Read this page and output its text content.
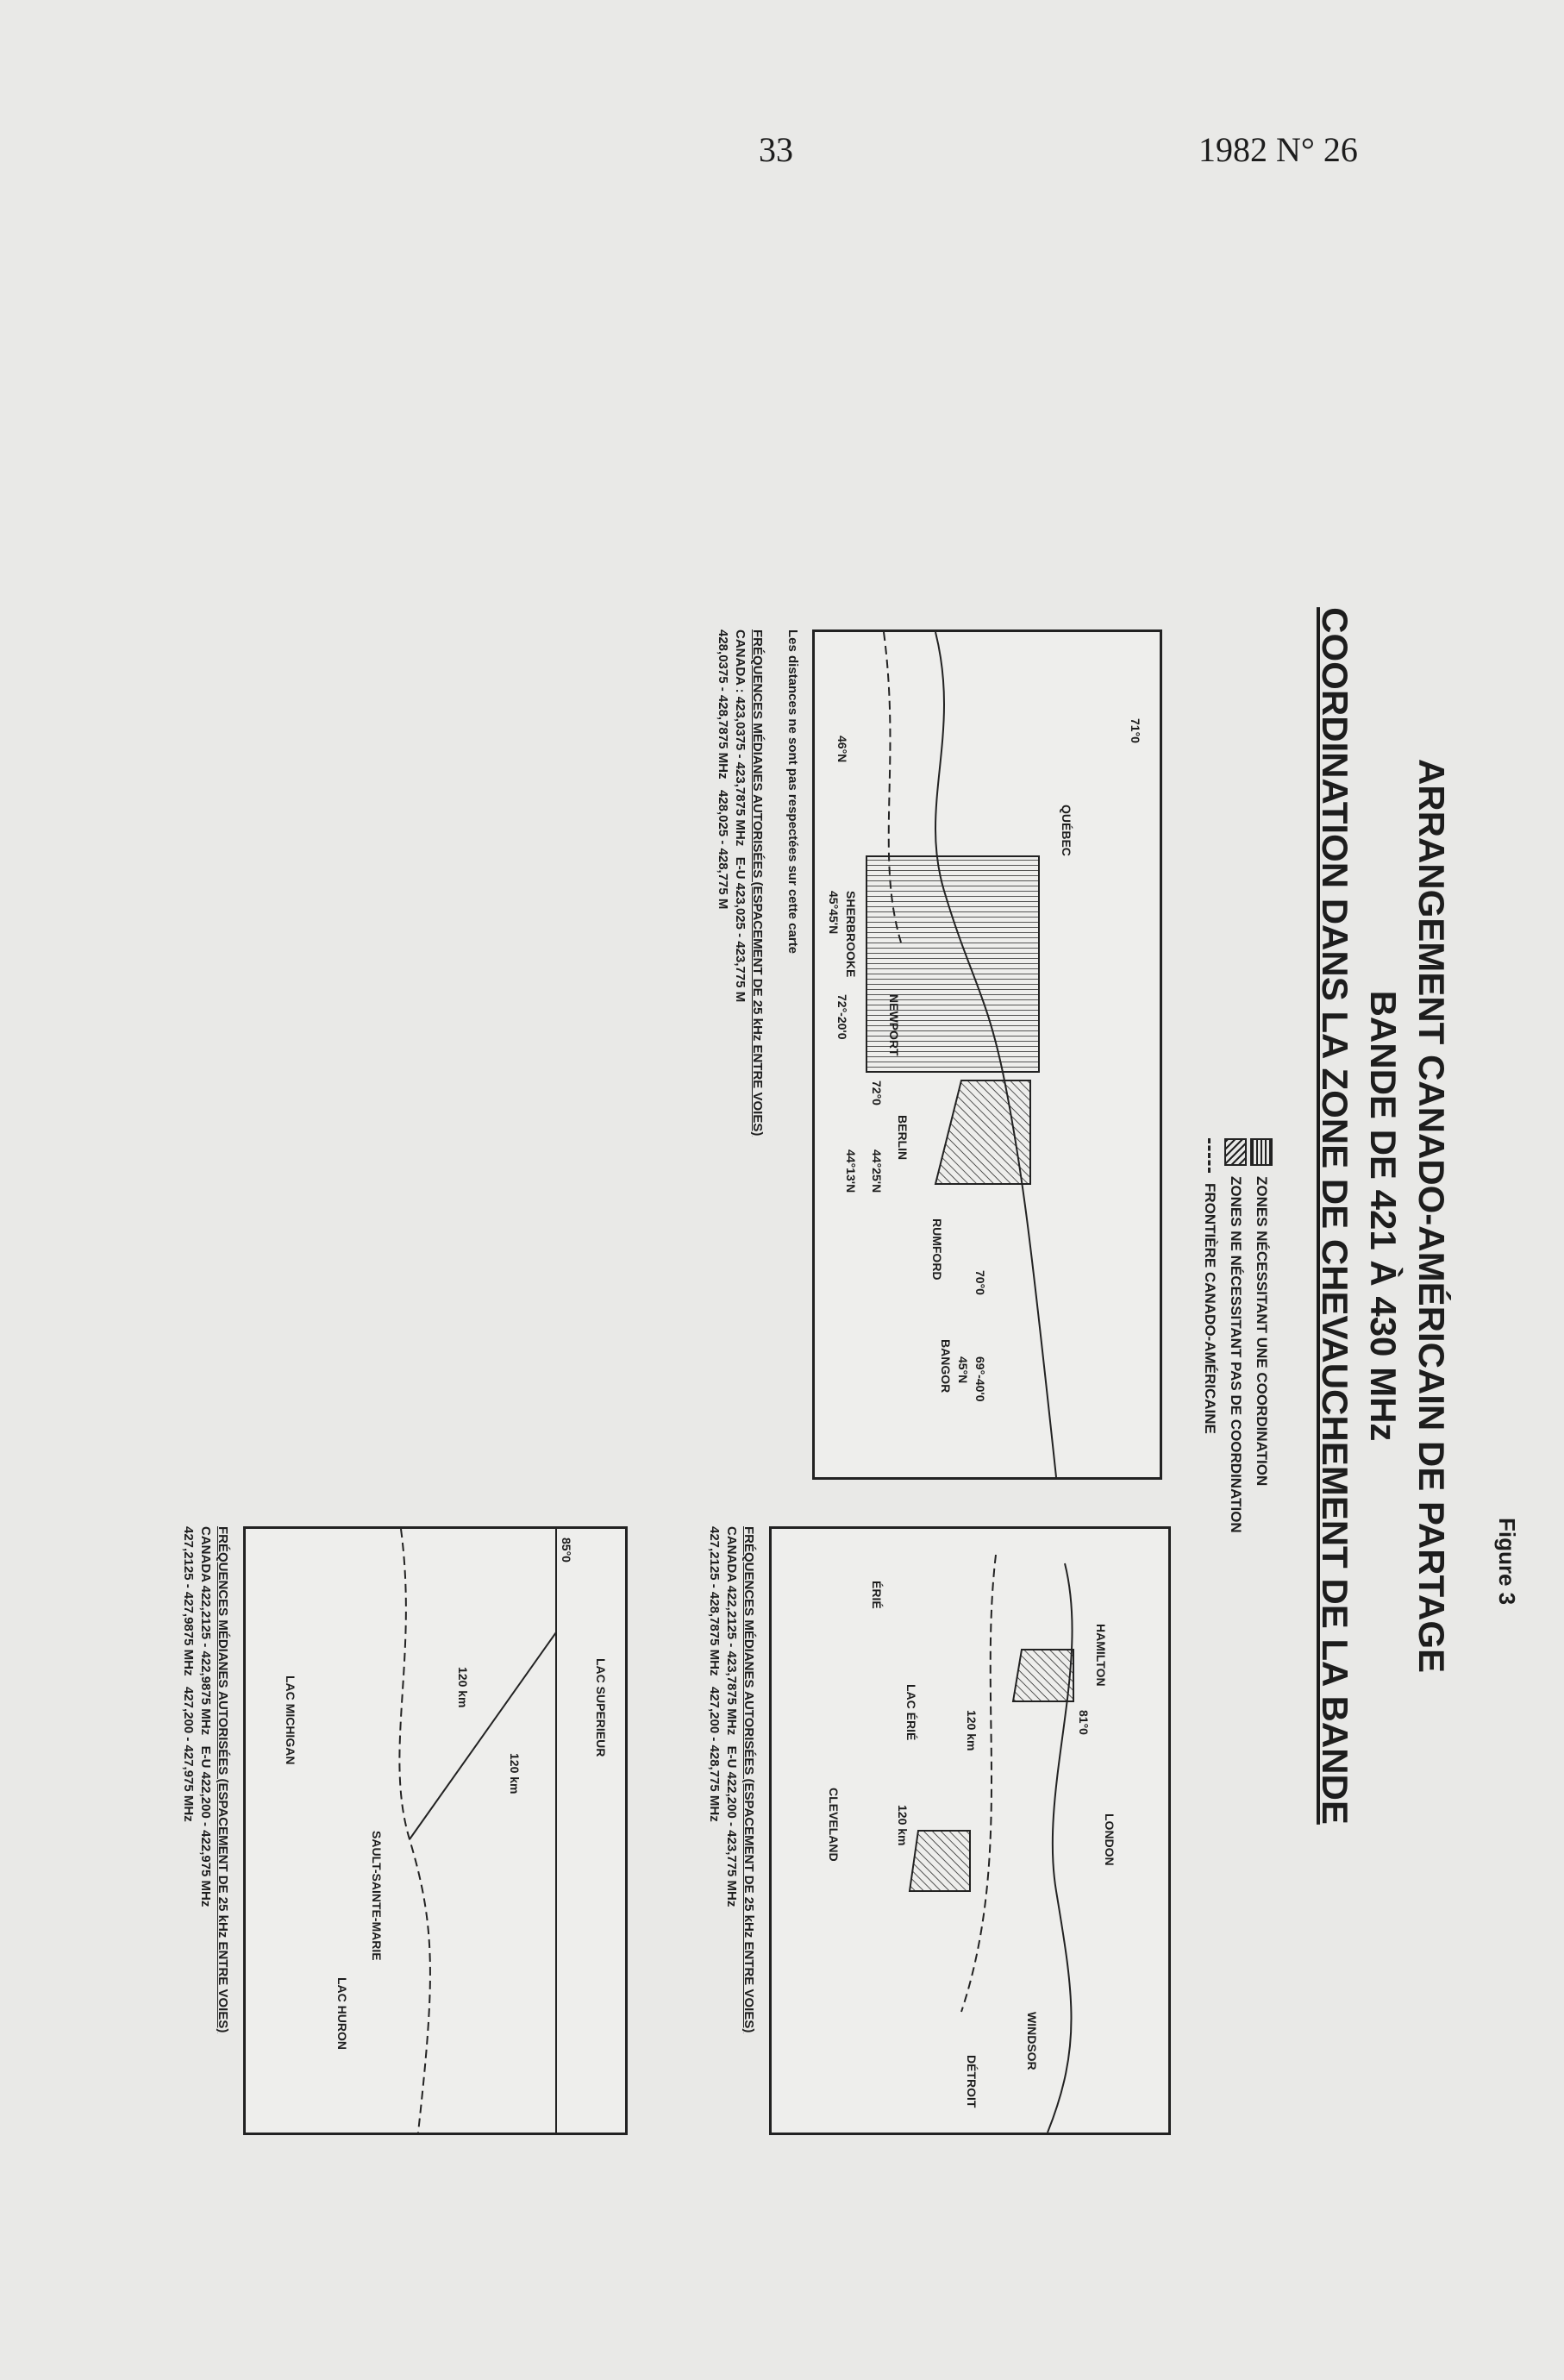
33	1982 N° 26
Figure 3
ARRANGEMENT CANADO-AMÉRICAIN DE PARTAGE
BANDE DE 421 À 430 MHz
COORDINATION DANS LA ZONE DE CHEVAUCHEMENT DE LA BANDE
ZONES NÉCESSITANT UNE COORDINATION
ZONES NE NÉCESSITANT PAS DE COORDINATION
FRONTIÈRE CANADO-AMÉRICAINE
QUÉBEC
SHERBROOKE
NEWPORT
BERLIN
RUMFORD
BANGOR
46°N
45°45'N
45°N
44°25'N
44°13'N
71°0
72°0
72°-20'0
70°0
69°-40'0
Les distances ne sont pas respectées sur cette carte
FRÉQUENCES MÉDIANES AUTORISÉES (ESPACEMENT DE 25 kHz ENTRE VOIES)
CANADA : 423,0375 - 423,7875 MHz   E-U 423,025 - 423,775 M
428,0375 - 428,7875 MHz   428,025 - 428,775 M
85°0
SAULT-SAINTE-MARIE
LAC SUPERIEUR
LAC HURON
LAC MICHIGAN	120 km
120 km
FRÉQUENCES MÉDIANES AUTORISÉES (ESPACEMENT DE 25 kHz ENTRE VOIES)
CANADA 422,2125 - 422,9875 MHz   E-U 422,200 - 422,975 MHz
427,2125 - 427,9875 MHz   427,200 - 427,975 MHz
HAMILTON
LONDON
81°0
WINDSOR
DÉTROIT
CLEVELAND
ÉRIÉ
LAC ÉRIÉ	120 km
120 km
FRÉQUENCES MÉDIANES AUTORISÉES (ESPACEMENT DE 25 kHz ENTRE VOIES)
CANADA 422,2125 - 423,7875 MHz   E-U 422,200 - 423,775 MHz
427,2125 - 428,7875 MHz   427,200 - 428,775 MHz
